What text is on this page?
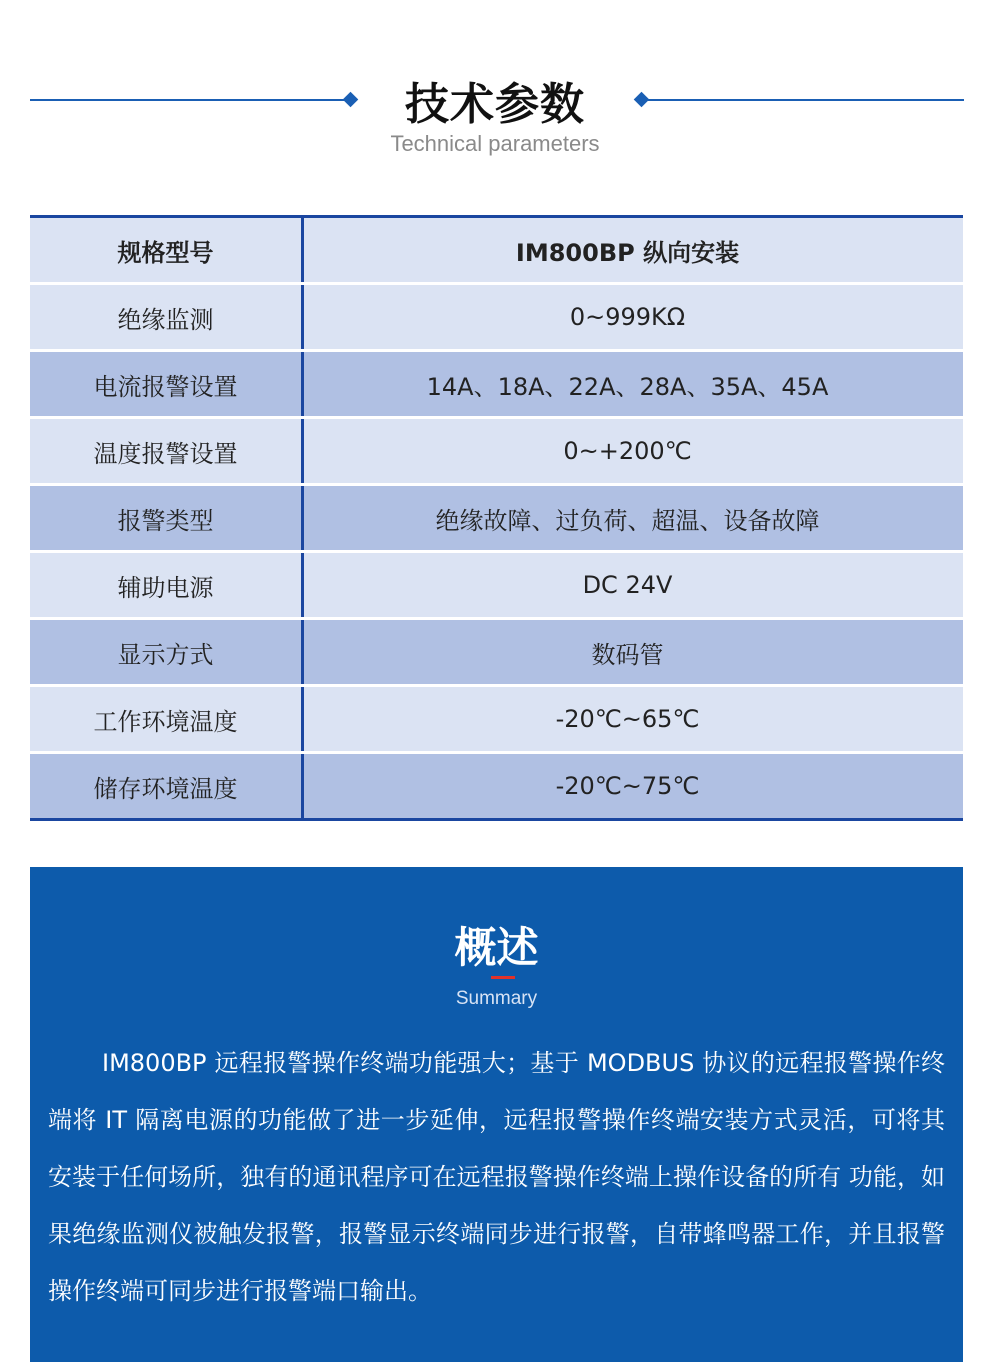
技术参数
Technical parameters
规格型号	IM800BP 纵向安装
绝缘监测	0~999KΩ
电流报警设置	14A、18A、22A、28A、35A、45A
温度报警设置	0~+200℃
报警类型	绝缘故障、过负荷、超温、设备故障
辅助电源	DC 24V
显示方式	数码管
工作环境温度	-20℃~65℃
储存环境温度	-20℃~75℃
概述
Summary
IM800BP 远程报警操作终端功能强大；基于 MODBUS 协议的远程报警操作终端将 IT 隔离电源的功能做了进一步延伸，远程报警操作终端安装方式灵活，可将其安装于任何场所，独有的通讯程序可在远程报警操作终端上操作设备的所有 功能，如果绝缘监测仪被触发报警，报警显示终端同步进行报警，自带蜂鸣器工作，并且报警操作终端可同步进行报警端口输出。
